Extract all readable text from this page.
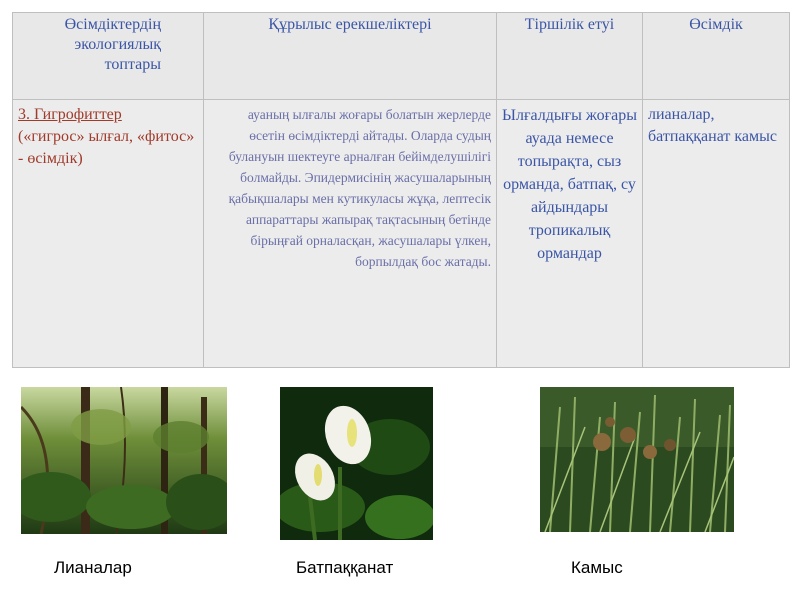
Өсімдіктердің экологиялық топтары	Құрылыс ерекшеліктері	Тіршілік етуі	Өсімдік
3. Гигрофиттер
(«гигрос» ылғал, «фитос» - өсімдік)	ауаның ылғалы жоғары болатын жерлерде өсетін өсімдіктерді айтады. Оларда судың булануын шектеуге арналған бейімделушілігі болмайды. Эпидермисінің жасушаларының қабықшалары мен кутикуласы жұқа, лептесік аппараттары жапырақ тақтасының бетінде бірыңғай орналасқан, жасушалары үлкен, борпылдақ бос жатады.	Ылғалдығы жоғары ауада немесе топырақта, сыз орманда, батпақ, су айдындары тропикалық ормандар	лианалар, батпаққанат камыс
Лианалар	Батпаққанат	Камыс
